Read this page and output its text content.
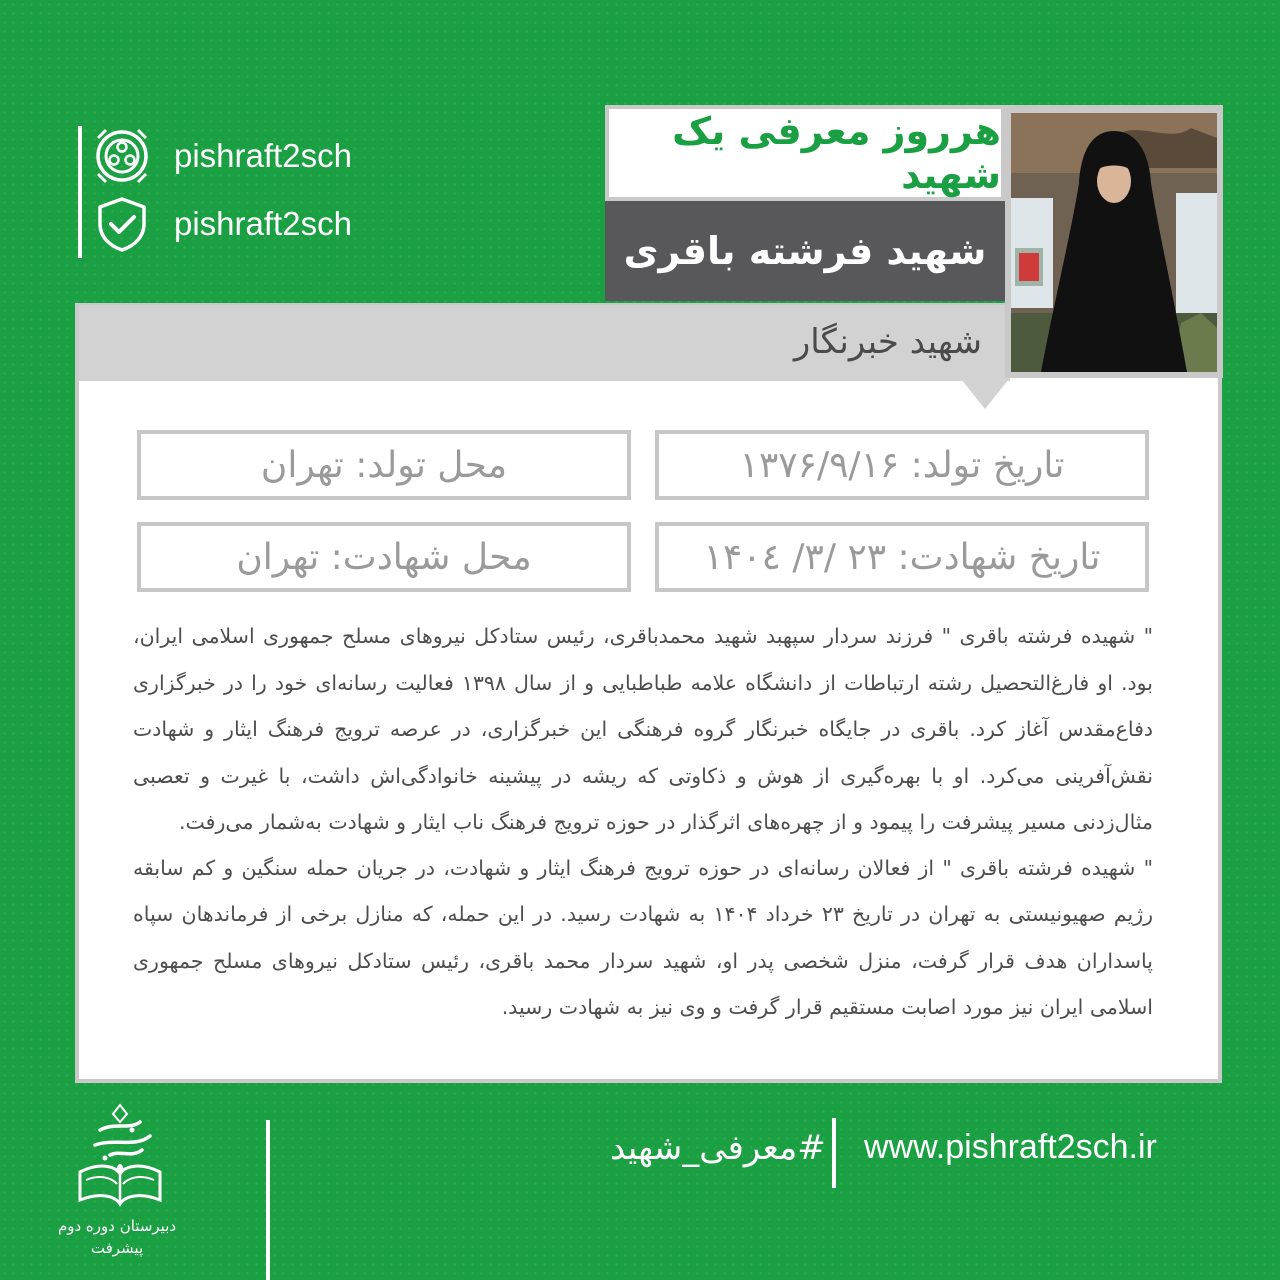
pishraft2sch
pishraft2sch
شهید خبرنگار
هرروز معرفی یک شهید
شهید فرشته باقری
تاریخ تولد: ۱۳۷۶/۹/۱۶
محل تولد: تهران
تاریخ شهادت: ۲۳ /۳/ ۱۴۰٤
محل شهادت: تهران

" شهیده فرشته باقری " فرزند سردار سپهبد شهید محمدباقری، رئیس ستادکل نیروهای مسلح جمهوری اسلامی ایران، بود. او فارغ‌التحصیل رشته ارتباطات از دانشگاه علامه طباطبایی و از سال ۱۳۹۸ فعالیت رسانه‌ای خود را در خبرگزاری دفاع‌مقدس آغاز کرد. باقری در جایگاه خبرنگار گروه فرهنگی این خبرگزاری، در عرصه ترویج فرهنگ ایثار و شهادت نقش‌آفرینی می‌کرد. او با بهره‌گیری از هوش و ذکاوتی که ریشه در پیشینه خانوادگی‌اش داشت، با غیرت و تعصبی مثال‌زدنی مسیر پیشرفت را پیمود و از چهره‌های اثرگذار در حوزه ترویج فرهنگ ناب ایثار و شهادت به‌شمار می‌رفت.

" شهیده فرشته باقری " از فعالان رسانه‌ای در حوزه ترویج فرهنگ ایثار و شهادت، در جریان حمله سنگین و کم سابقه رژیم صهیونیستی به تهران در تاریخ ۲۳ خرداد ۱۴۰۴ به شهادت رسید. در این حمله، که منازل برخی از فرماندهان سپاه پاسداران هدف قرار گرفت، منزل شخصی پدر او، شهید سردار محمد باقری، رئیس ستادکل نیروهای مسلح جمهوری اسلامی ایران نیز مورد اصابت مستقیم قرار گرفت و وی نیز به شهادت رسید.

دبیرستان دوره دوم
پیشرفت
#معرفی_شهید www.pishraft2sch.ir
